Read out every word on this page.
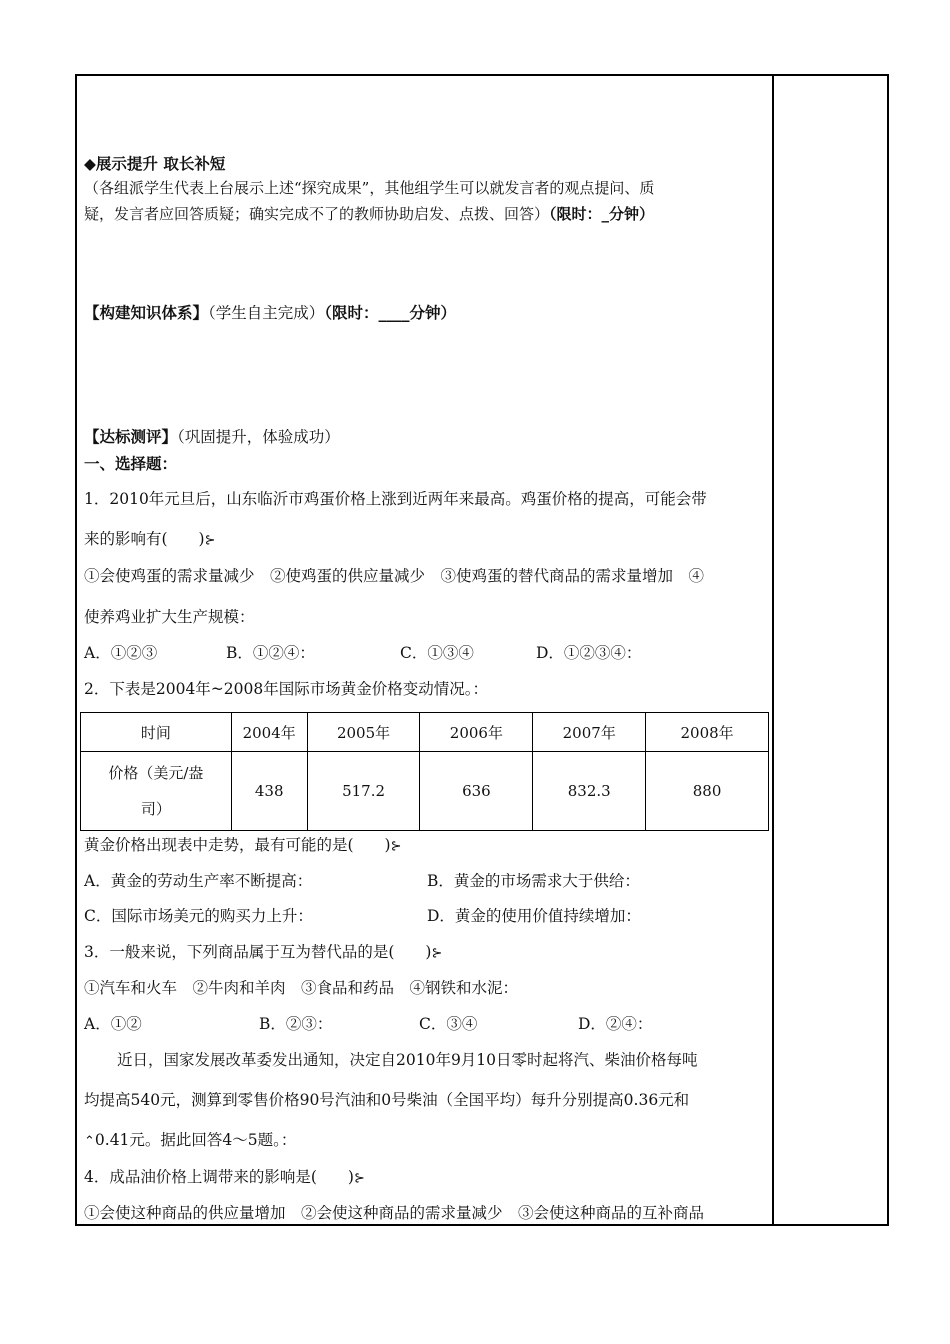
◆展示提升 取长补短
（各组派学生代表上台展示上述“探究成果”，其他组学生可以就发言者的观点提问、质
疑，发言者应回答质疑；确实完成不了的教师协助启发、点拨、回答）（限时：_分钟）
【构建知识体系】（学生自主完成）（限时：____分钟）
【达标测评】（巩固提升，体验成功）
一、选择题：
1．2010年元旦后，山东临沂市鸡蛋价格上涨到近两年来最高。鸡蛋价格的提高，可能会带
来的影响有(　　)⊱
①会使鸡蛋的需求量减少　②使鸡蛋的供应量减少　③使鸡蛋的替代商品的需求量增加　④
使养鸡业扩大生产规模：
A．①②③	B．①②④：	C．①③④	D．①②③④：
2．下表是2004年~2008年国际市场黄金价格变动情况。：
时间	2004年	2005年	2006年	2007年	2008年
价格（美元/盎
司）	438	517.2	636	832.3	880
黄金价格出现表中走势，最有可能的是(　　)⊱
A．黄金的劳动生产率不断提高：	B．黄金的市场需求大于供给：
C．国际市场美元的购买力上升：	D．黄金的使用价值持续增加：
3．一般来说，下列商品属于互为替代品的是(　　)⊱
①汽车和火车　②牛肉和羊肉　③食品和药品　④钢铁和水泥：
A．①②	B．②③：	C．③④	D．②④：
近日，国家发展改革委发出通知，决定自2010年9月10日零时起将汽、柴油价格每吨
均提高540元，测算到零售价格90号汽油和0号柴油（全国平均）每升分别提高0.36元和
⌃0.41元。据此回答4～5题。：
4．成品油价格上调带来的影响是(　　)⊱
①会使这种商品的供应量增加　②会使这种商品的需求量减少　③会使这种商品的互补商品
